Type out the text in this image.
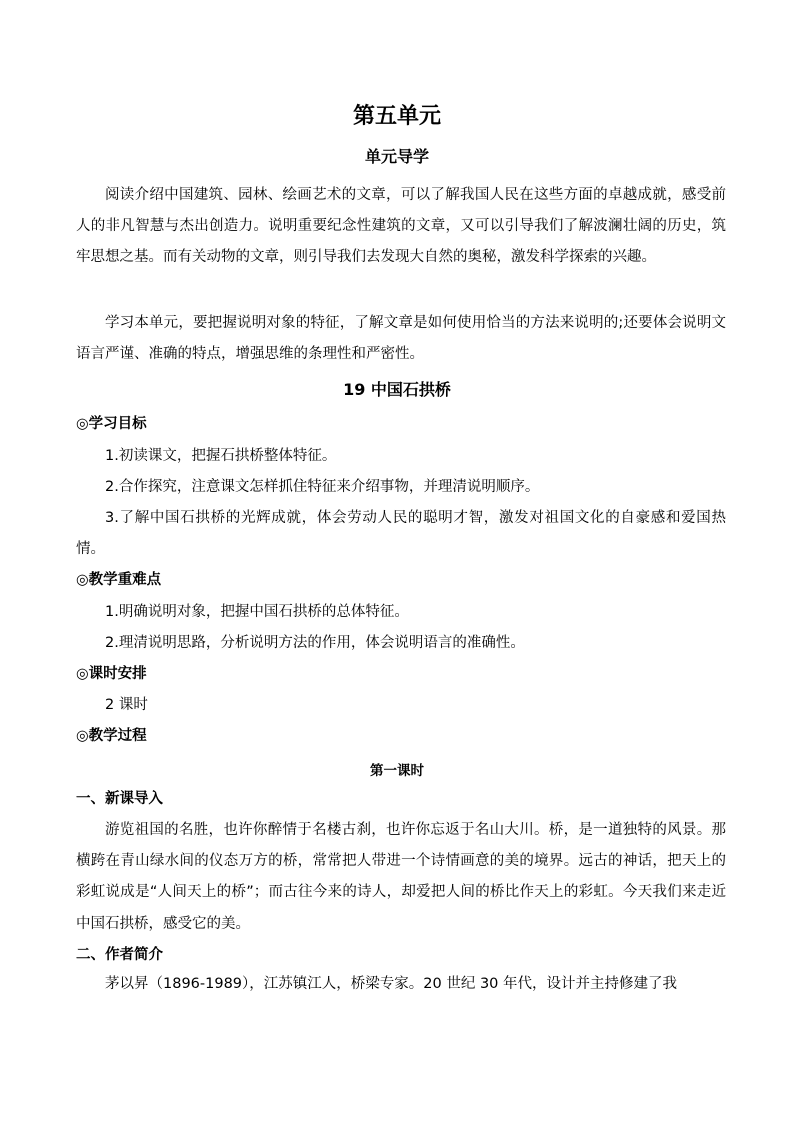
第五单元
单元导学

阅读介绍中国建筑、园林、绘画艺术的文章，可以了解我国人民在这些方面的卓越成就，感受前人的非凡智慧与杰出创造力。说明重要纪念性建筑的文章，又可以引导我们了解波澜壮阔的历史，筑牢思想之基。而有关动物的文章，则引导我们去发现大自然的奥秘，激发科学探索的兴趣。

学习本单元，要把握说明对象的特征，了解文章是如何使用恰当的方法来说明的;还要体会说明文语言严谨、准确的特点，增强思维的条理性和严密性。

19 中国石拱桥
◎学习目标

1.初读课文，把握石拱桥整体特征。

2.合作探究，注意课文怎样抓住特征来介绍事物，并理清说明顺序。

3.了解中国石拱桥的光辉成就，体会劳动人民的聪明才智，激发对祖国文化的自豪感和爱国热情。

◎教学重难点

1.明确说明对象，把握中国石拱桥的总体特征。

2.理清说明思路，分析说明方法的作用，体会说明语言的准确性。

◎课时安排

2 课时

◎教学过程
第一课时
一、新课导入

游览祖国的名胜，也许你醉情于名楼古刹，也许你忘返于名山大川。桥，是一道独特的风景。那横跨在青山绿水间的仪态万方的桥，常常把人带进一个诗情画意的美的境界。远古的神话，把天上的彩虹说成是“人间天上的桥”；而古往今来的诗人，却爱把人间的桥比作天上的彩虹。今天我们来走近中国石拱桥，感受它的美。

二、作者简介

茅以昇（1896-1989），江苏镇江人，桥梁专家。20 世纪 30 年代，设计并主持修建了我
